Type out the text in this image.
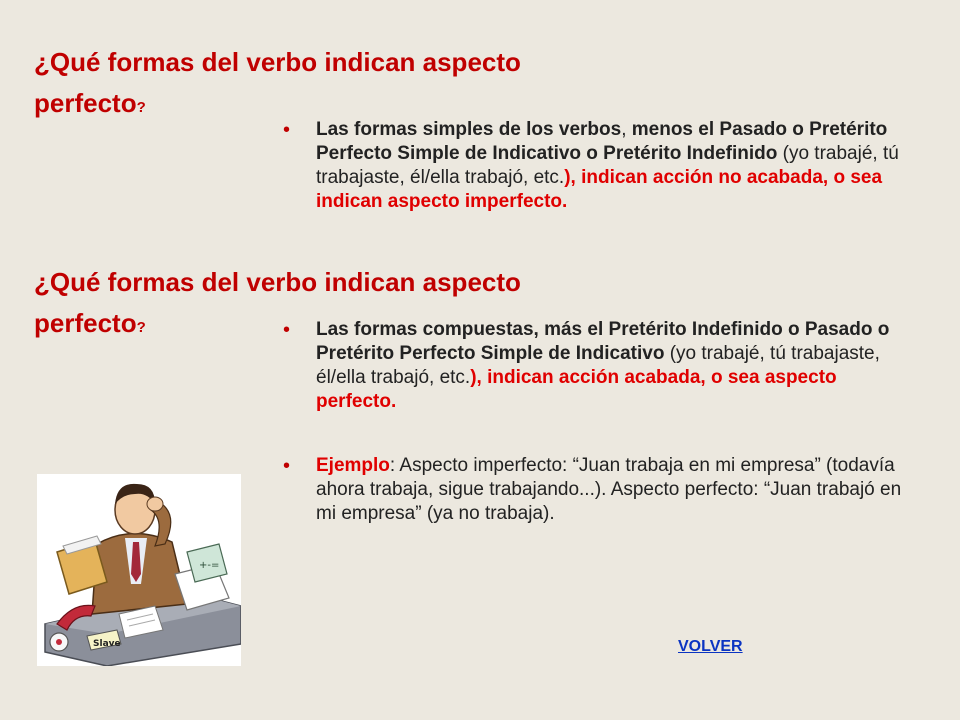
¿Qué formas del verbo indican aspecto perfecto?
• Las formas simples de los verbos, menos el Pasado o Pretérito Perfecto Simple de Indicativo o Pretérito Indefinido (yo trabajé, tú trabajaste, él/ella trabajó, etc.), indican acción no acabada, o sea indican aspecto imperfecto.
¿Qué formas del verbo indican aspecto perfecto?
•	Las formas compuestas, más el Pretérito Indefinido o Pasado o Pretérito Perfecto Simple de Indicativo (yo trabajé, tú trabajaste, él/ella trabajó, etc.), indican acción acabada, o sea aspecto perfecto.
• Ejemplo: Aspecto imperfecto: “Juan trabaja en mi empresa” (todavía ahora trabaja, sigue trabajando...). Aspecto perfecto: “Juan trabajó en mi empresa” (ya no trabaja).
+-=
Slave	VOLVER
